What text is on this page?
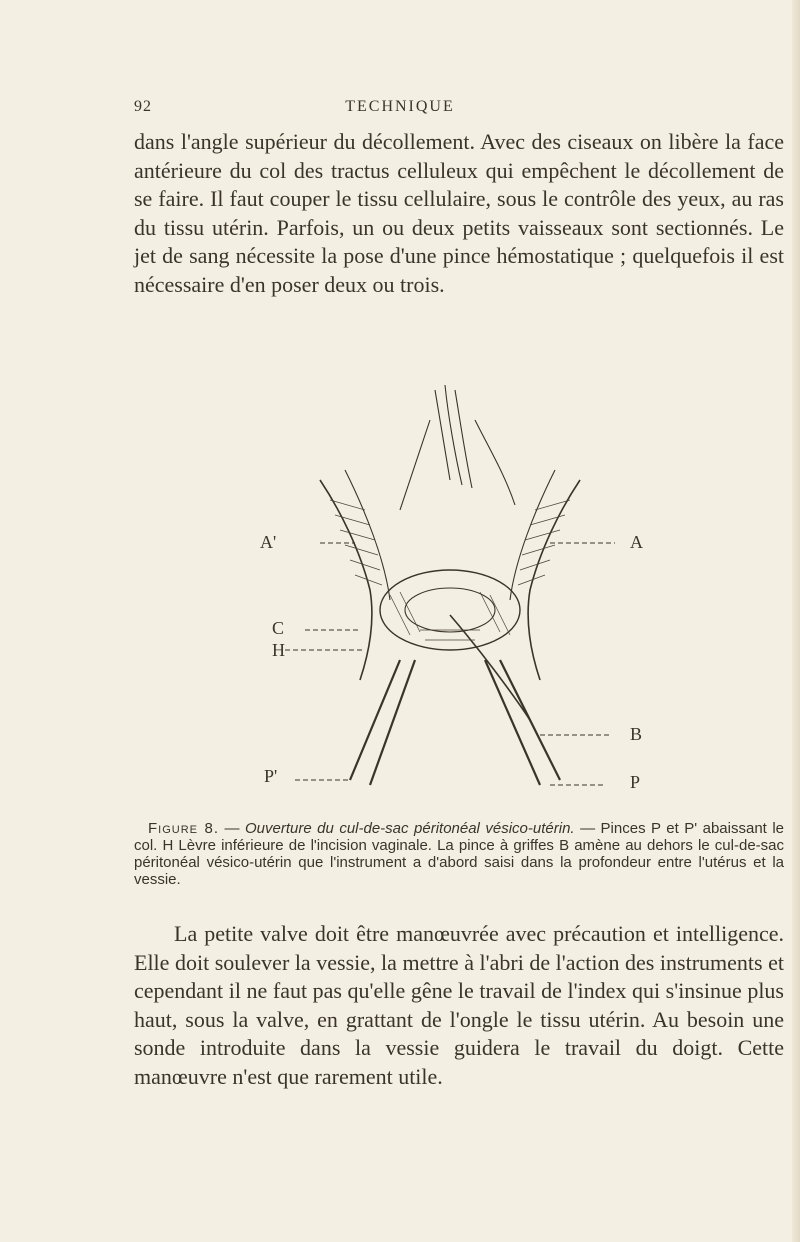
92	TECHNIQUE
dans l'angle supérieur du décollement. Avec des ciseaux on libère la face antérieure du col des tractus celluleux qui empêchent le décollement de se faire. Il faut couper le tissu cellulaire, sous le contrôle des yeux, au ras du tissu utérin. Parfois, un ou deux petits vaisseaux sont sectionnés. Le jet de sang nécessite la pose d'une pince hémostatique ; quelquefois il est nécessaire d'en poser deux ou trois.
A'	A
C
H
B
P'	P
Figure 8. — Ouverture du cul-de-sac péritonéal vésico-utérin. — Pinces P et P' abaissant le col. H Lèvre inférieure de l'incision vaginale. La pince à griffes B amène au dehors le cul-de-sac péritonéal vésico-utérin que l'instrument a d'abord saisi dans la profondeur entre l'utérus et la vessie.
La petite valve doit être manœuvrée avec précaution et intelligence. Elle doit soulever la vessie, la mettre à l'abri de l'action des instruments et cependant il ne faut pas qu'elle gêne le travail de l'index qui s'insinue plus haut, sous la valve, en grattant de l'ongle le tissu utérin. Au besoin une sonde introduite dans la vessie guidera le travail du doigt. Cette manœuvre n'est que rarement utile.
